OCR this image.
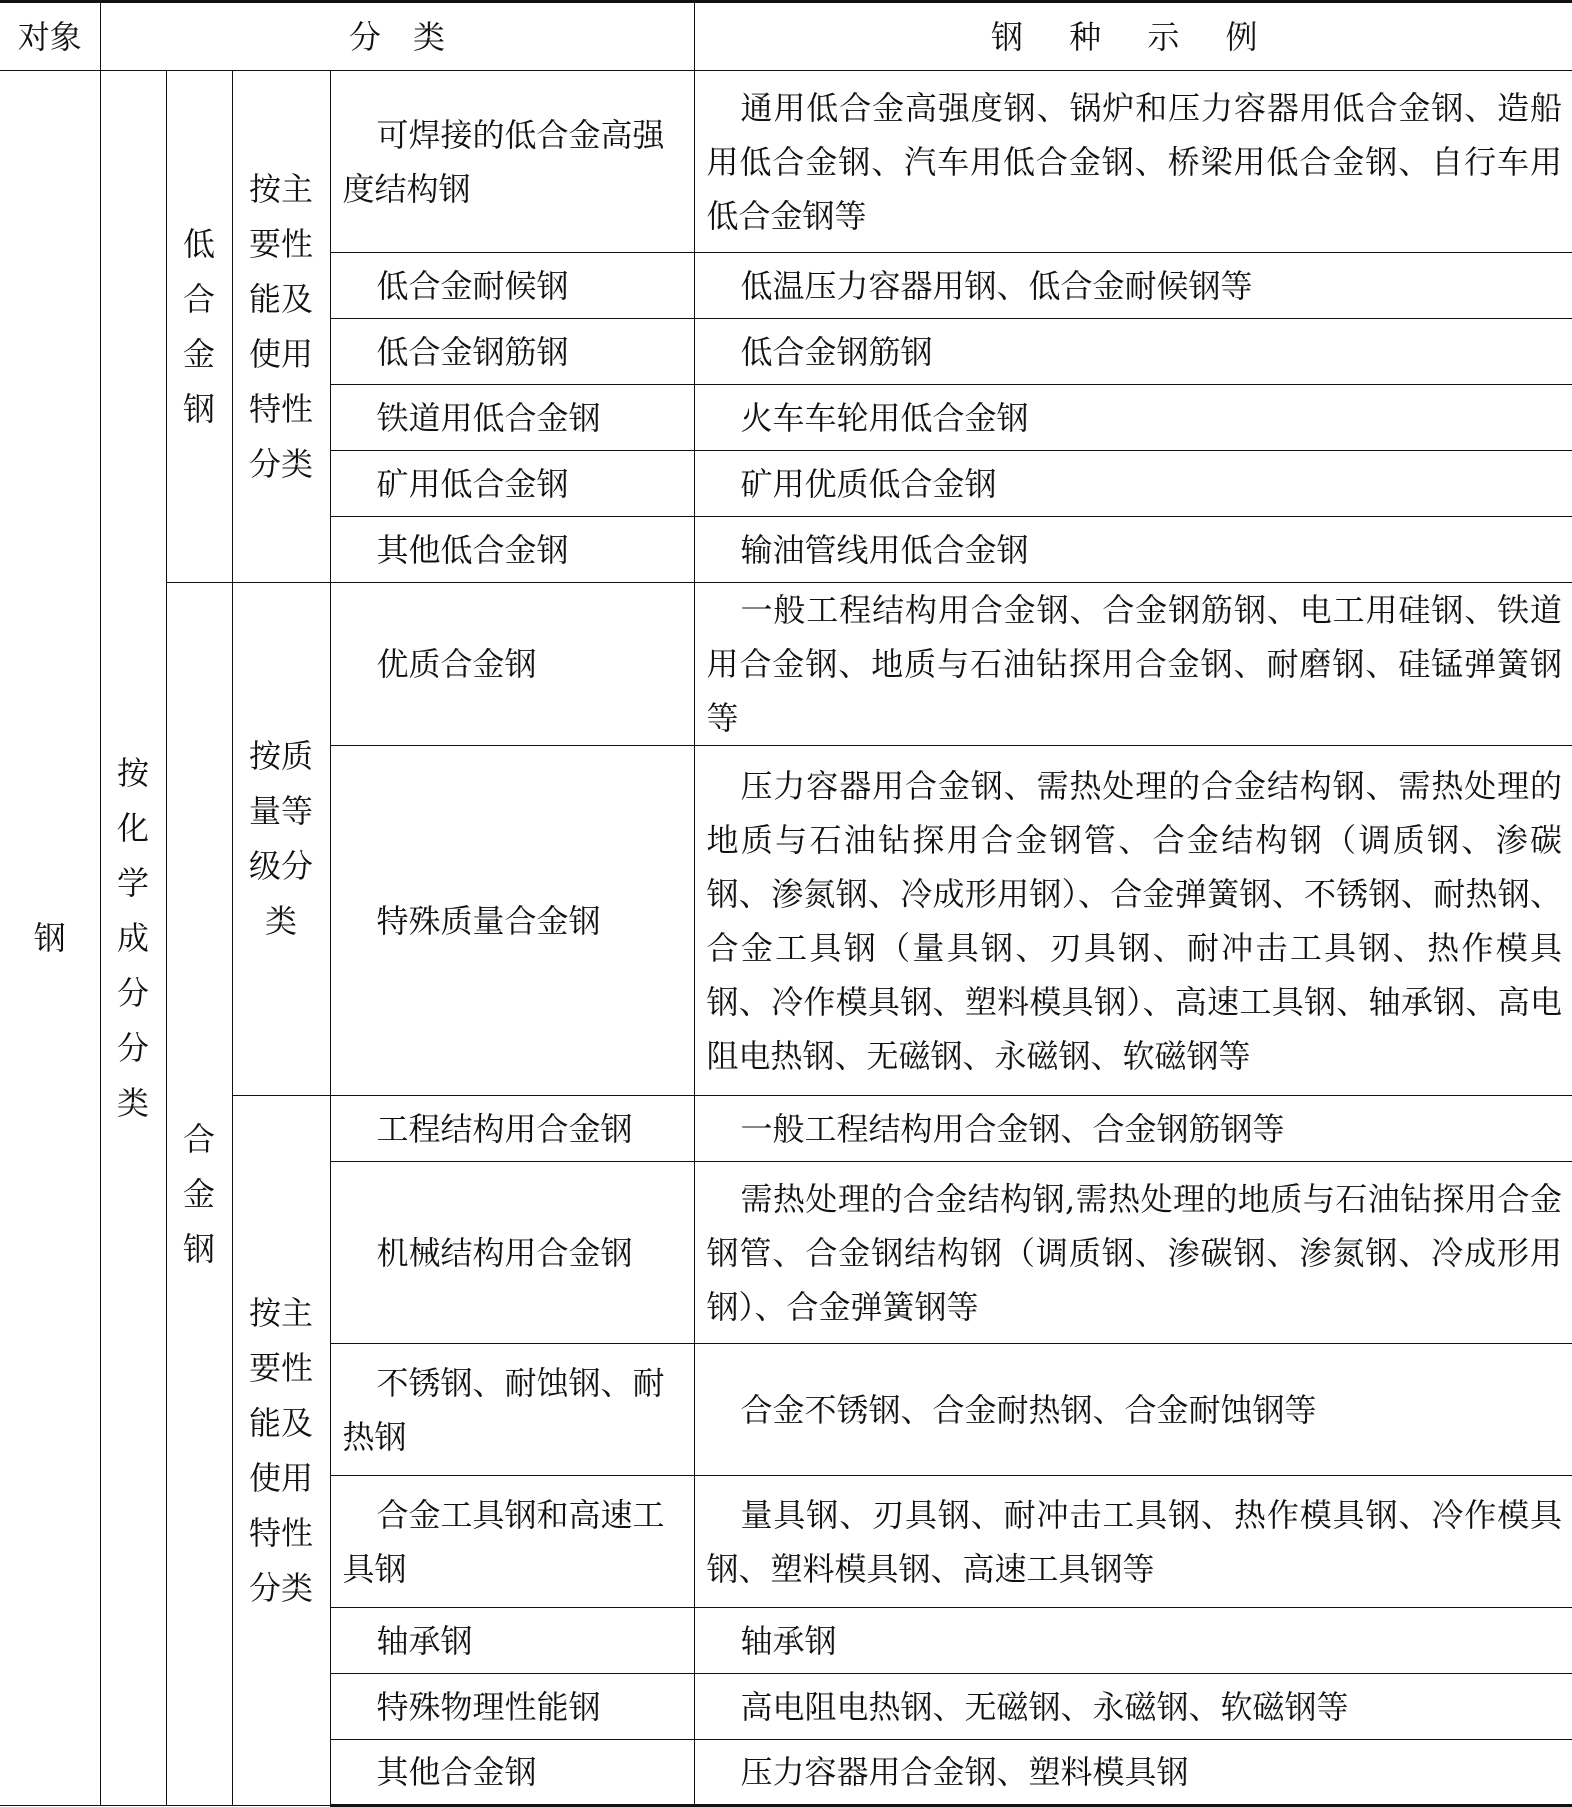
对象	分　类				钢 种 示 例
钢	按化学成分分类	低合金钢	按主要性能及使用特性分类	可焊接的低合金高强度结构钢	通用低合金高强度钢、锅炉和压力容器用低合金钢、造船用低合金钢、汽车用低合金钢、桥梁用低合金钢、自行车用低合金钢等
				低合金耐候钢	低温压力容器用钢、低合金耐候钢等
				低合金钢筋钢	低合金钢筋钢
				铁道用低合金钢	火车车轮用低合金钢
				矿用低合金钢	矿用优质低合金钢
				其他低合金钢	输油管线用低合金钢

		合金钢	按质量等级分类	优质合金钢	一般工程结构用合金钢、合金钢筋钢、电工用硅钢、铁道用合金钢、地质与石油钻探用合金钢、耐磨钢、硅锰弹簧钢等
				特殊质量合金钢	压力容器用合金钢、需热处理的合金结构钢、需热处理的地质与石油钻探用合金钢管、合金结构钢（调质钢、渗碳钢、渗氮钢、冷成形用钢）、合金弹簧钢、不锈钢、耐热钢、合金工具钢（量具钢、刃具钢、耐冲击工具钢、热作模具钢、冷作模具钢、塑料模具钢）、高速工具钢、轴承钢、高电阻电热钢、无磁钢、永磁钢、软磁钢等

			按主要性能及使用特性分类	工程结构用合金钢	一般工程结构用合金钢、合金钢筋钢等
				机械结构用合金钢	需热处理的合金结构钢,需热处理的地质与石油钻探用合金钢管、合金钢结构钢（调质钢、渗碳钢、渗氮钢、冷成形用钢）、合金弹簧钢等
				不锈钢、耐蚀钢、耐热钢	合金不锈钢、合金耐热钢、合金耐蚀钢等
				合金工具钢和高速工具钢	量具钢、刃具钢、耐冲击工具钢、热作模具钢、冷作模具钢、塑料模具钢、高速工具钢等
				轴承钢	轴承钢
				特殊物理性能钢	高电阻电热钢、无磁钢、永磁钢、软磁钢等
				其他合金钢	压力容器用合金钢、塑料模具钢
